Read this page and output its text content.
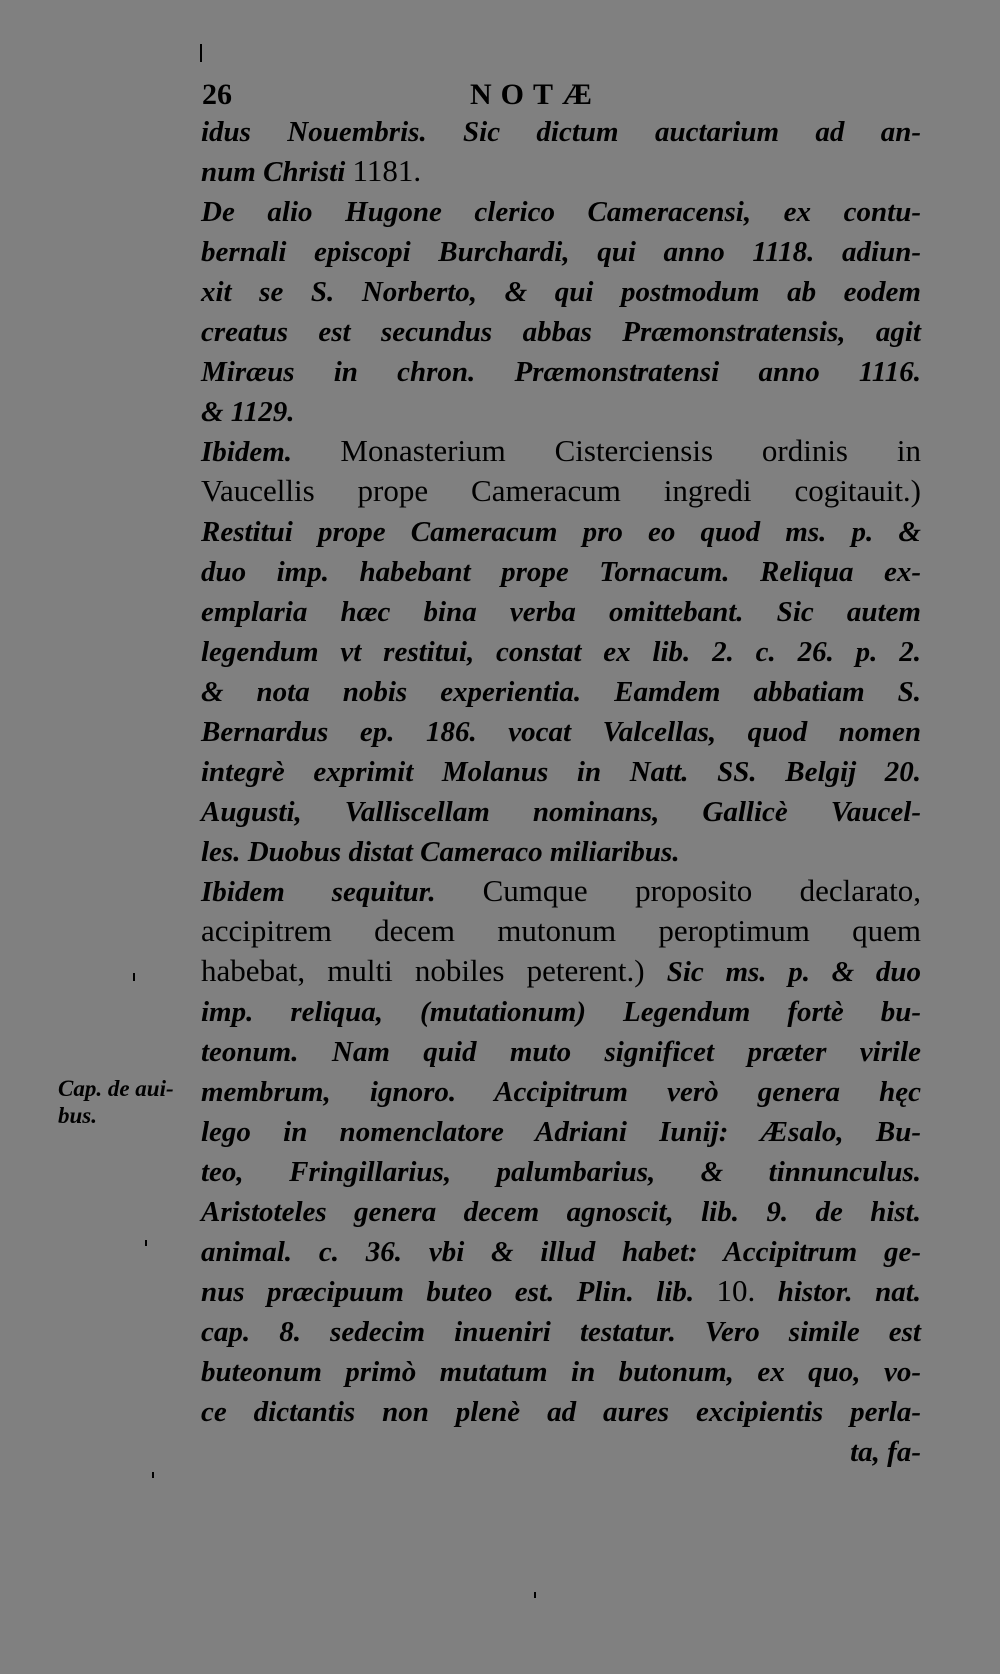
26	NOTÆ
Cap. de aui-
bus.
idus Nouembris. Sic dictum auctarium ad an-
num Christi 1181.
De alio Hugone clerico Cameracensi, ex contu-
bernali episcopi Burchardi, qui anno 1118. adiun-
xit se S. Norberto, & qui postmodum ab eodem
creatus est secundus abbas Præmonstratensis, agit
Miræus in chron. Præmonstratensi anno 1116.
& 1129.
Ibidem. Monasterium Cisterciensis ordinis in
Vaucellis prope Cameracum ingredi cogitauit.)
Restitui prope Cameracum pro eo quod ms. p. &
duo imp. habebant prope Tornacum. Reliqua ex-
emplaria hæc bina verba omittebant. Sic autem
legendum vt restitui, constat ex lib. 2. c. 26. p. 2.
& nota nobis experientia. Eamdem abbatiam S.
Bernardus ep. 186. vocat Valcellas, quod nomen
integrè exprimit Molanus in Natt. SS. Belgij 20.
Augusti, Valliscellam nominans, Gallicè Vaucel-
les. Duobus distat Cameraco miliaribus.
Ibidem sequitur. Cumque proposito declarato,
accipitrem decem mutonum peroptimum quem
habebat, multi nobiles peterent.) Sic ms. p. & duo
imp. reliqua, (mutationum) Legendum fortè bu-
teonum. Nam quid muto significet præter virile
membrum, ignoro. Accipitrum verò genera hęc
lego in nomenclatore Adriani Iunij: Æsalo, Bu-
teo, Fringillarius, palumbarius, & tinnunculus.
Aristoteles genera decem agnoscit, lib. 9. de hist.
animal. c. 36. vbi & illud habet: Accipitrum ge-
nus præcipuum buteo est. Plin. lib. 10. histor. nat.
cap. 8. sedecim inueniri testatur. Vero simile est
buteonum primò mutatum in butonum, ex quo, vo-
ce dictantis non plenè ad aures excipientis perla-
ta, fa-
